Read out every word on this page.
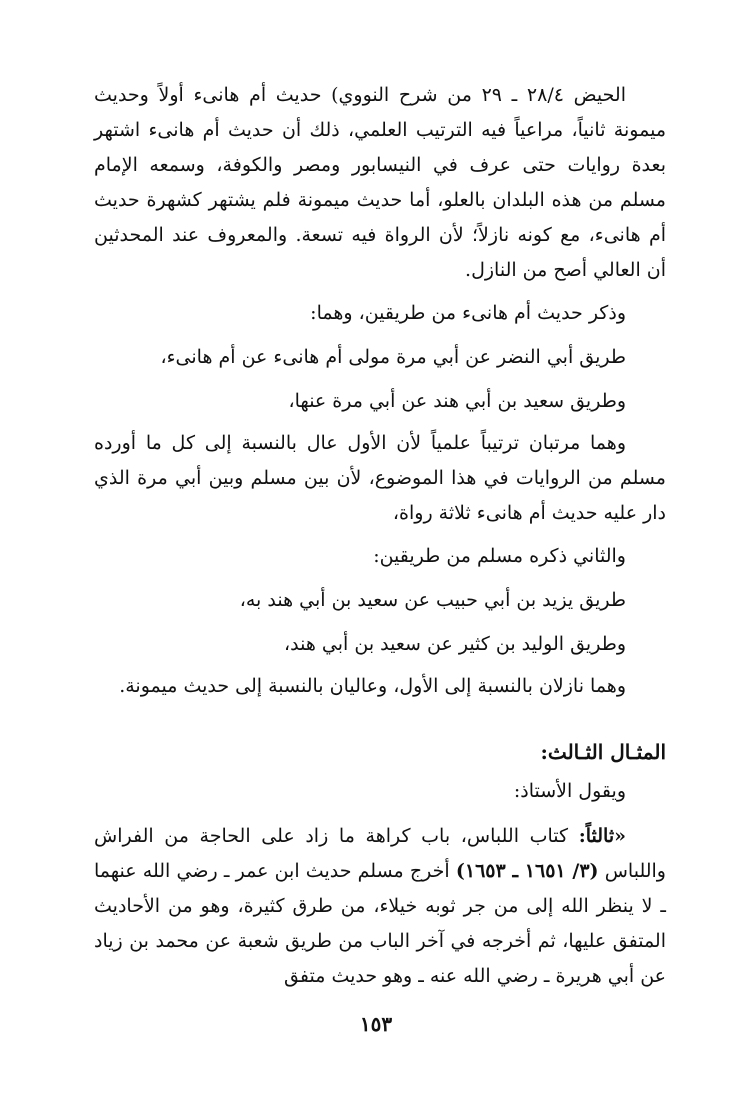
الحيض ٢٨/٤ ـ ٢٩ من شرح النووي) حديث أم هانىء أولاً وحديث ميمونة ثانياً، مراعياً فيه الترتيب العلمي، ذلك أن حديث أم هانىء اشتهر بعدة روايات حتى عرف في النيسابور ومصر والكوفة، وسمعه الإمام مسلم من هذه البلدان بالعلو، أما حديث ميمونة فلم يشتهر كشهرة حديث أم هانىء، مع كونه نازلاً؛ لأن الرواة فيه تسعة. والمعروف عند المحدثين أن العالي أصح من النازل.

وذكر حديث أم هانىء من طريقين، وهما:

طريق أبي النضر عن أبي مرة مولى أم هانىء عن أم هانىء،

وطريق سعيد بن أبي هند عن أبي مرة عنها،

وهما مرتبان ترتيباً علمياً لأن الأول عال بالنسبة إلى كل ما أورده مسلم من الروايات في هذا الموضوع، لأن بين مسلم وبين أبي مرة الذي دار عليه حديث أم هانىء ثلاثة رواة،

والثاني ذكره مسلم من طريقين:

طريق يزيد بن أبي حبيب عن سعيد بن أبي هند به،

وطريق الوليد بن كثير عن سعيد بن أبي هند،

وهما نازلان بالنسبة إلى الأول، وعاليان بالنسبة إلى حديث ميمونة.

المثـال الثـالث:

ويقول الأستاذ:

«ثالثاً: كتاب اللباس، باب كراهة ما زاد على الحاجة من الفراش واللباس (٣/ ١٦٥١ ـ ١٦٥٣) أخرج مسلم حديث ابن عمر ـ رضي الله عنهما ـ لا ينظر الله إلى من جر ثوبه خيلاء، من طرق كثيرة، وهو من الأحاديث المتفق عليها، ثم أخرجه في آخر الباب من طريق شعبة عن محمد بن زياد عن أبي هريرة ـ رضي الله عنه ـ وهو حديث متفق

١٥٣
